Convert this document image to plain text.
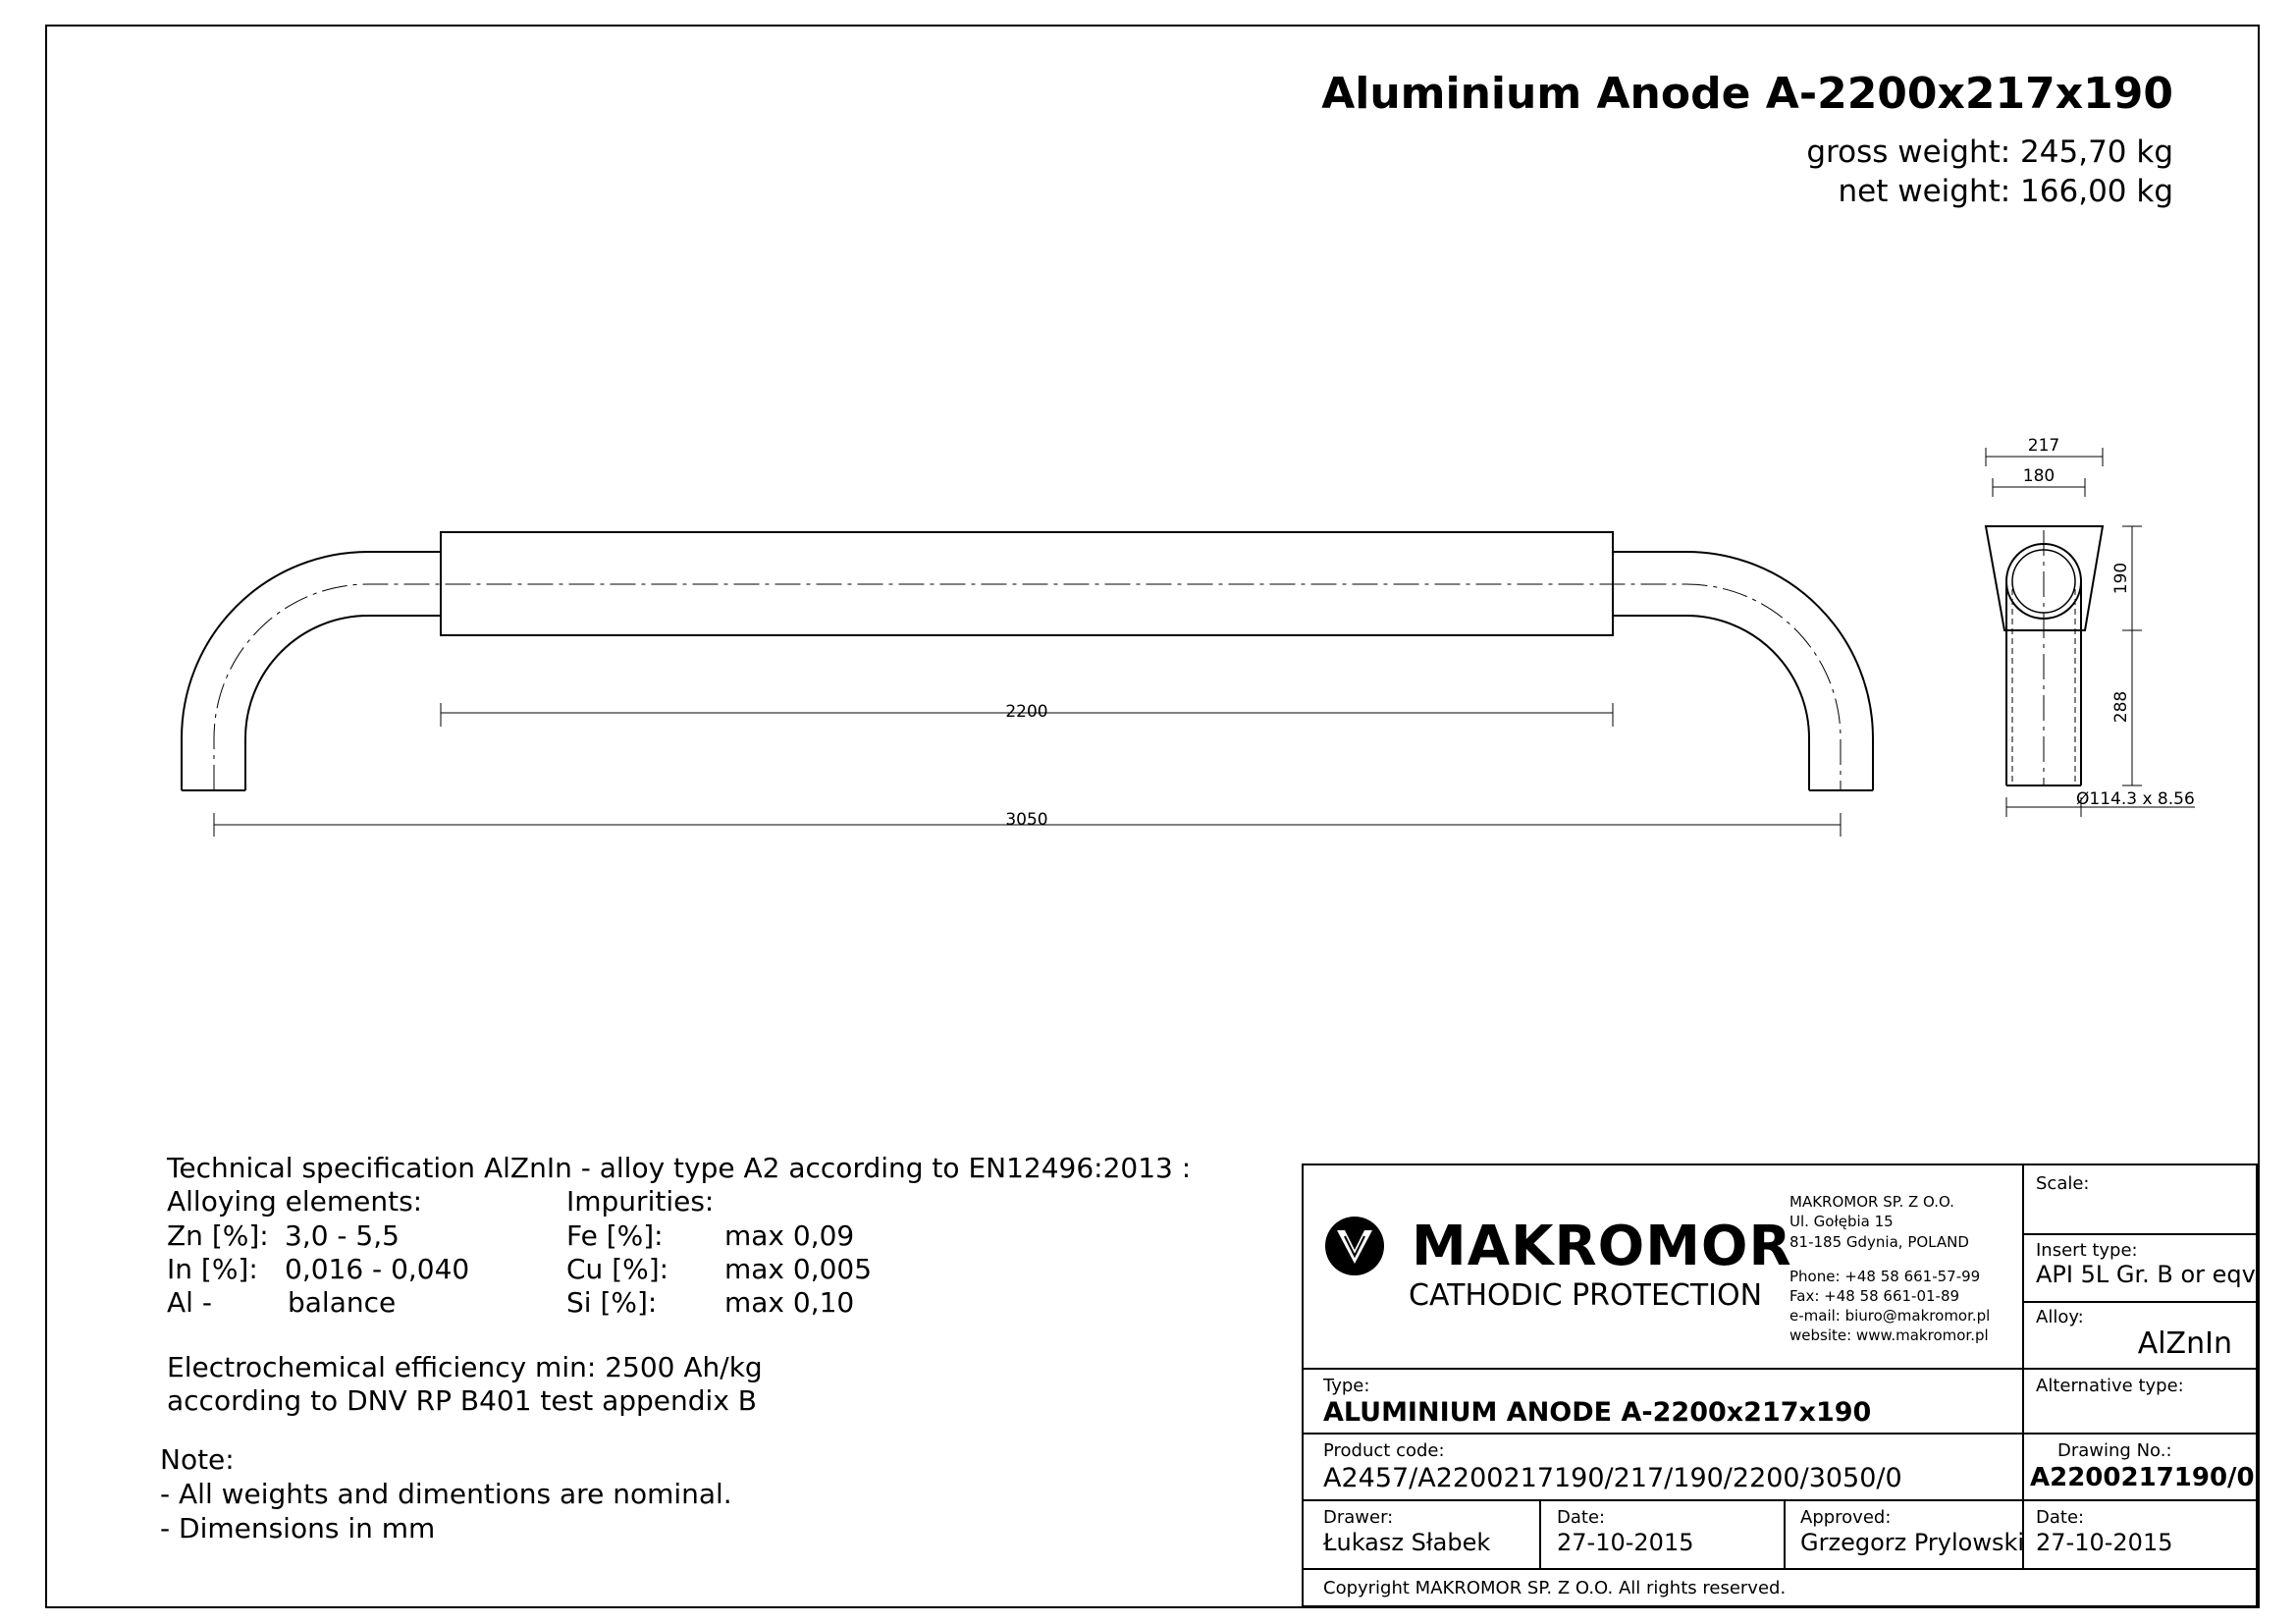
Aluminium Anode A-2200x217x190
gross weight: 245,70 kg
net weight: 166,00 kg
2200
3050
217
180
190
288
Ø114.3 x 8.56
Technical specification AlZnIn - alloy type A2 according to EN12496:2013 :
Alloying elements:	Impurities:
Zn [%]: 3,0 - 5,5
In [%]: 0,016 - 0,040
Al -	balance
Fe [%]: max 0,09
Cu [%]: max 0,005
Si [%]: max 0,10
Electrochemical efficiency min: 2500 Ah/kg
according to DNV RP B401 test appendix B
Note:
- All weights and dimentions are nominal.
- Dimensions in mm
MAKROMOR
CATHODIC PROTECTION
MAKROMOR SP. Z O.O.
Ul. Gołębia 15
81-185 Gdynia, POLAND
Phone: +48 58 661-57-99
Fax: +48 58 661-01-89
e-mail: biuro@makromor.pl
website: www.makromor.pl
Scale:
Insert type:
API 5L Gr. B or eqv.
Alloy:
AlZnIn
Alternative type:
Type:
ALUMINIUM ANODE A-2200x217x190
Product code:
A2457/A2200217190/217/190/2200/3050/0
Drawing No.:
A2200217190/0
Drawer:
Łukasz Słabek
Date:
27-10-2015
Approved:
Grzegorz Prylowski
Date:
27-10-2015
Copyright MAKROMOR SP. Z O.O. All rights reserved.
